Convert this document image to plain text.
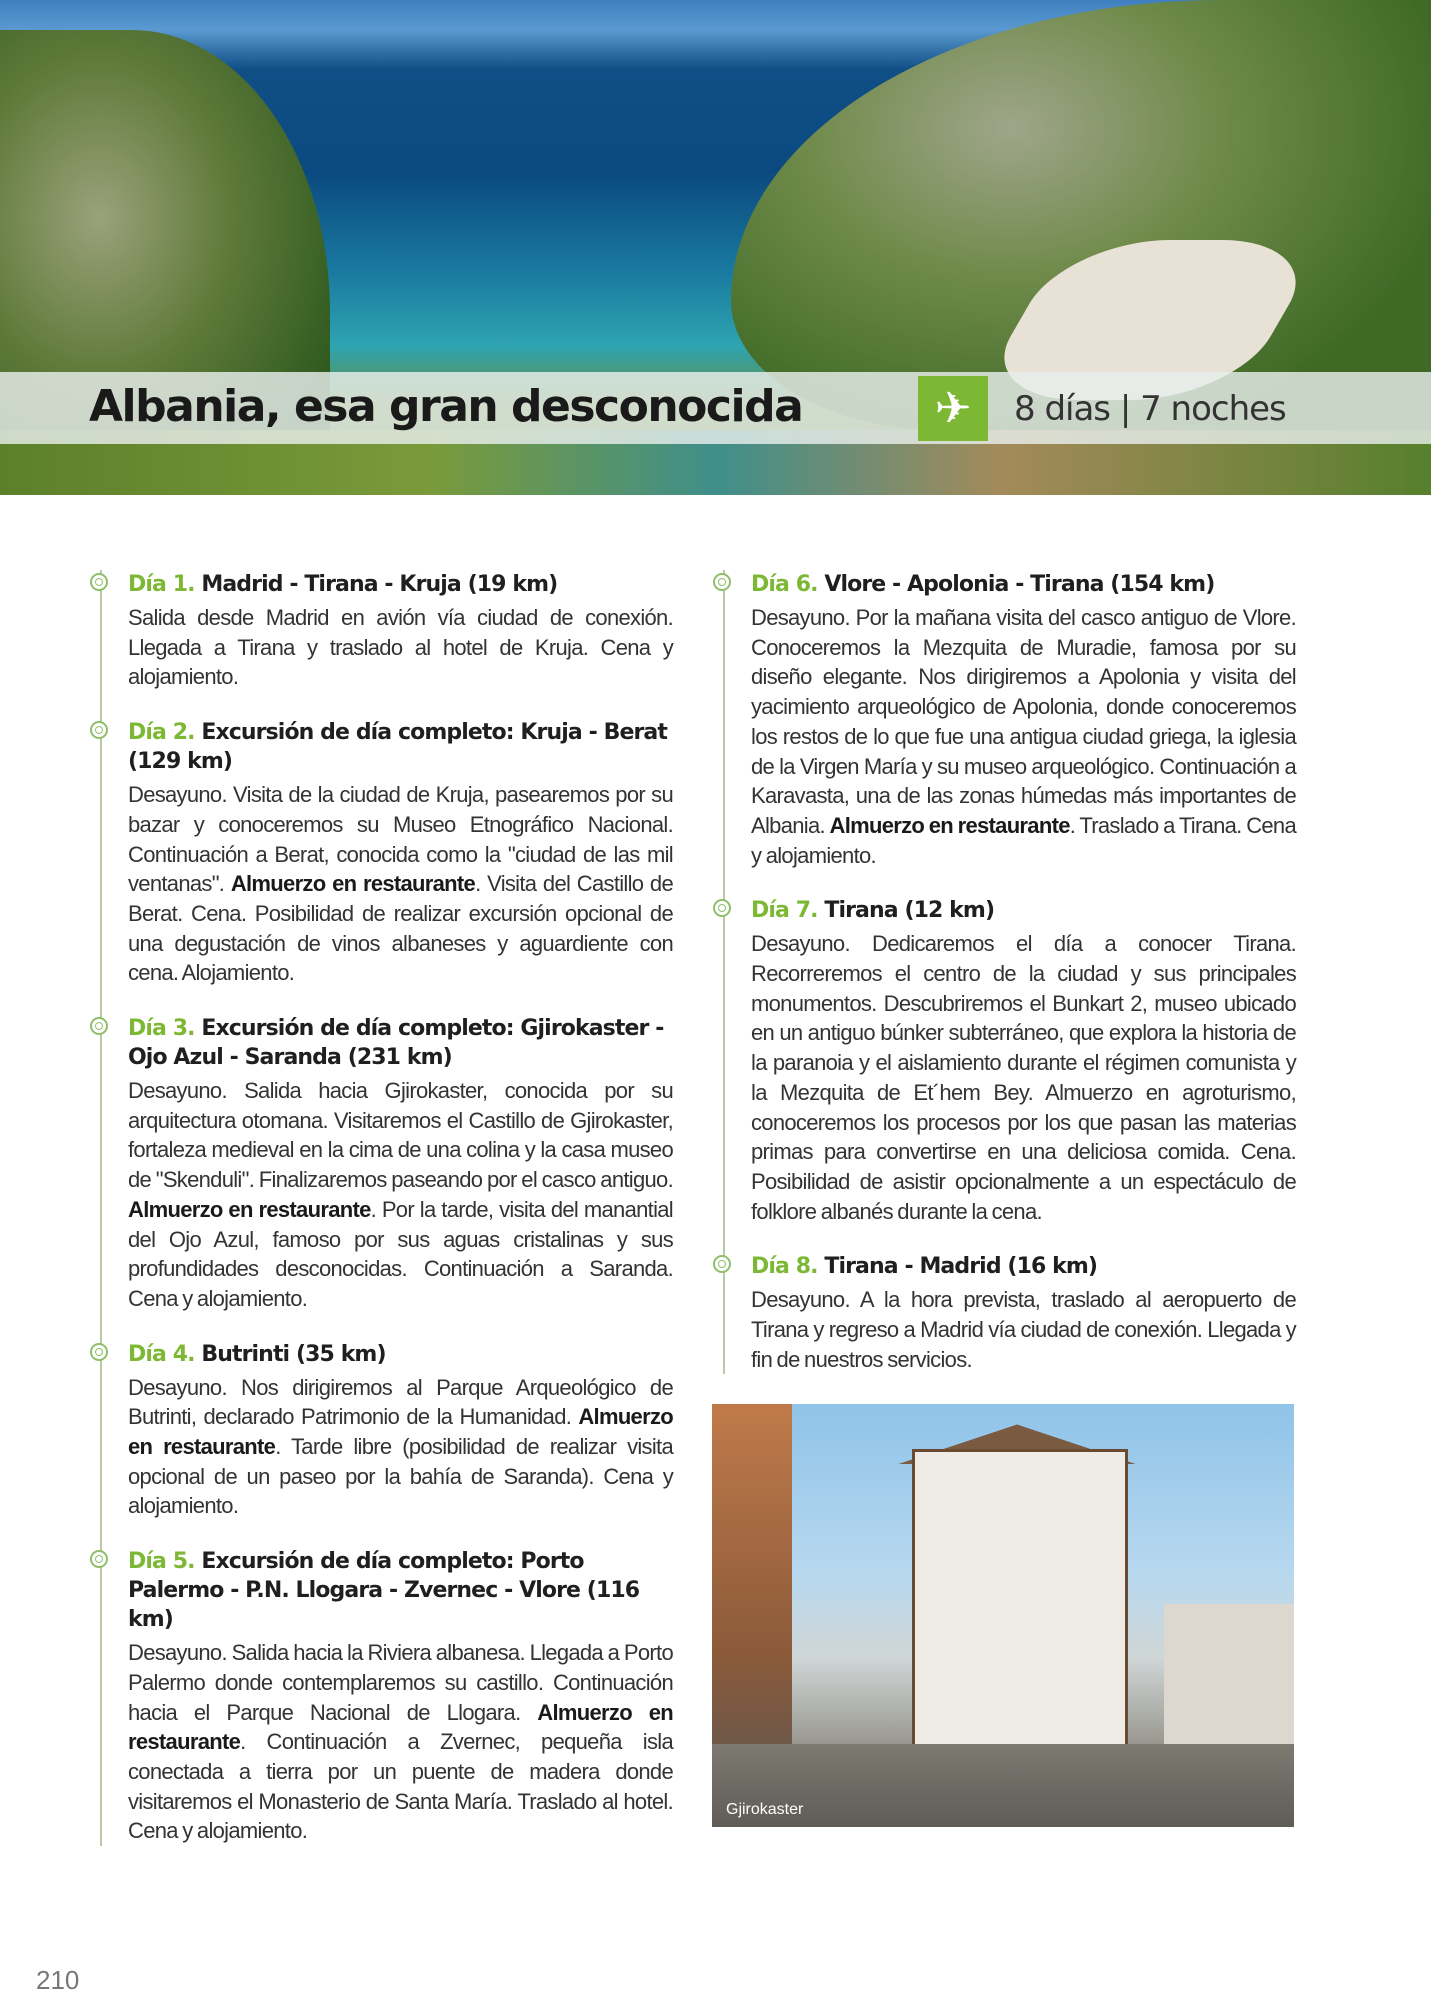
Albania, esa gran desconocida	✈	8 días | 7 noches
Día 1. Madrid - Tirana - Kruja (19 km)

Salida desde Madrid en avión vía ciudad de conexión. Llegada a Tirana y traslado al hotel de Kruja. Cena y alojamiento.

Día 2. Excursión de día completo: Kruja - Berat (129 km)

Desayuno. Visita de la ciudad de Kruja, pasearemos por su bazar y conoceremos su Museo Etnográfico Nacional. Continuación a Berat, conocida como la "ciudad de las mil ventanas". Almuerzo en restaurante. Visita del Castillo de Berat. Cena. Posibilidad de realizar excursión opcional de una degustación de vinos albaneses y aguardiente con cena. Alojamiento.

Día 3. Excursión de día completo: Gjirokaster - Ojo Azul - Saranda (231 km)

Desayuno. Salida hacia Gjirokaster, conocida por su arquitectura otomana. Visitaremos el Castillo de Gjirokaster, fortaleza medieval en la cima de una colina y la casa museo de "Skenduli". Finalizaremos paseando por el casco antiguo. Almuerzo en restaurante. Por la tarde, visita del manantial del Ojo Azul, famoso por sus aguas cristalinas y sus profundidades desconocidas. Continuación a Saranda. Cena y alojamiento.

Día 4. Butrinti (35 km)

Desayuno. Nos dirigiremos al Parque Arqueológico de Butrinti, declarado Patrimonio de la Humanidad. Almuerzo en restaurante. Tarde libre (posibilidad de realizar visita opcional de un paseo por la bahía de Saranda). Cena y alojamiento.

Día 5. Excursión de día completo: Porto Palermo - P.N. Llogara - Zvernec - Vlore (116 km)

Desayuno. Salida hacia la Riviera albanesa. Llegada a Porto Palermo donde contemplaremos su castillo. Continuación hacia el Parque Nacional de Llogara. Almuerzo en restaurante. Continuación a Zvernec, pequeña isla conectada a tierra por un puente de madera donde visitaremos el Monasterio de Santa María. Traslado al hotel. Cena y alojamiento.

Día 6. Vlore - Apolonia - Tirana (154 km)

Desayuno. Por la mañana visita del casco antiguo de Vlore. Conoceremos la Mezquita de Muradie, famosa por su diseño elegante. Nos dirigiremos a Apolonia y visita del yacimiento arqueológico de Apolonia, donde conoceremos los restos de lo que fue una antigua ciudad griega, la iglesia de la Virgen María y su museo arqueológico. Continuación a Karavasta, una de las zonas húmedas más importantes de Albania. Almuerzo en restaurante. Traslado a Tirana. Cena y alojamiento.

Día 7. Tirana (12 km)

Desayuno. Dedicaremos el día a conocer Tirana. Recorreremos el centro de la ciudad y sus principales monumentos. Descubriremos el Bunkart 2, museo ubicado en un antiguo búnker subterráneo, que explora la historia de la paranoia y el aislamiento durante el régimen comunista y la Mezquita de Et´hem Bey. Almuerzo en agroturismo, conoceremos los procesos por los que pasan las materias primas para convertirse en una deliciosa comida. Cena. Posibilidad de asistir opcionalmente a un espectáculo de folklore albanés durante la cena.

Día 8. Tirana - Madrid (16 km)

Desayuno. A la hora prevista, traslado al aeropuerto de Tirana y regreso a Madrid vía ciudad de conexión. Llegada y fin de nuestros servicios.

Gjirokaster
210
